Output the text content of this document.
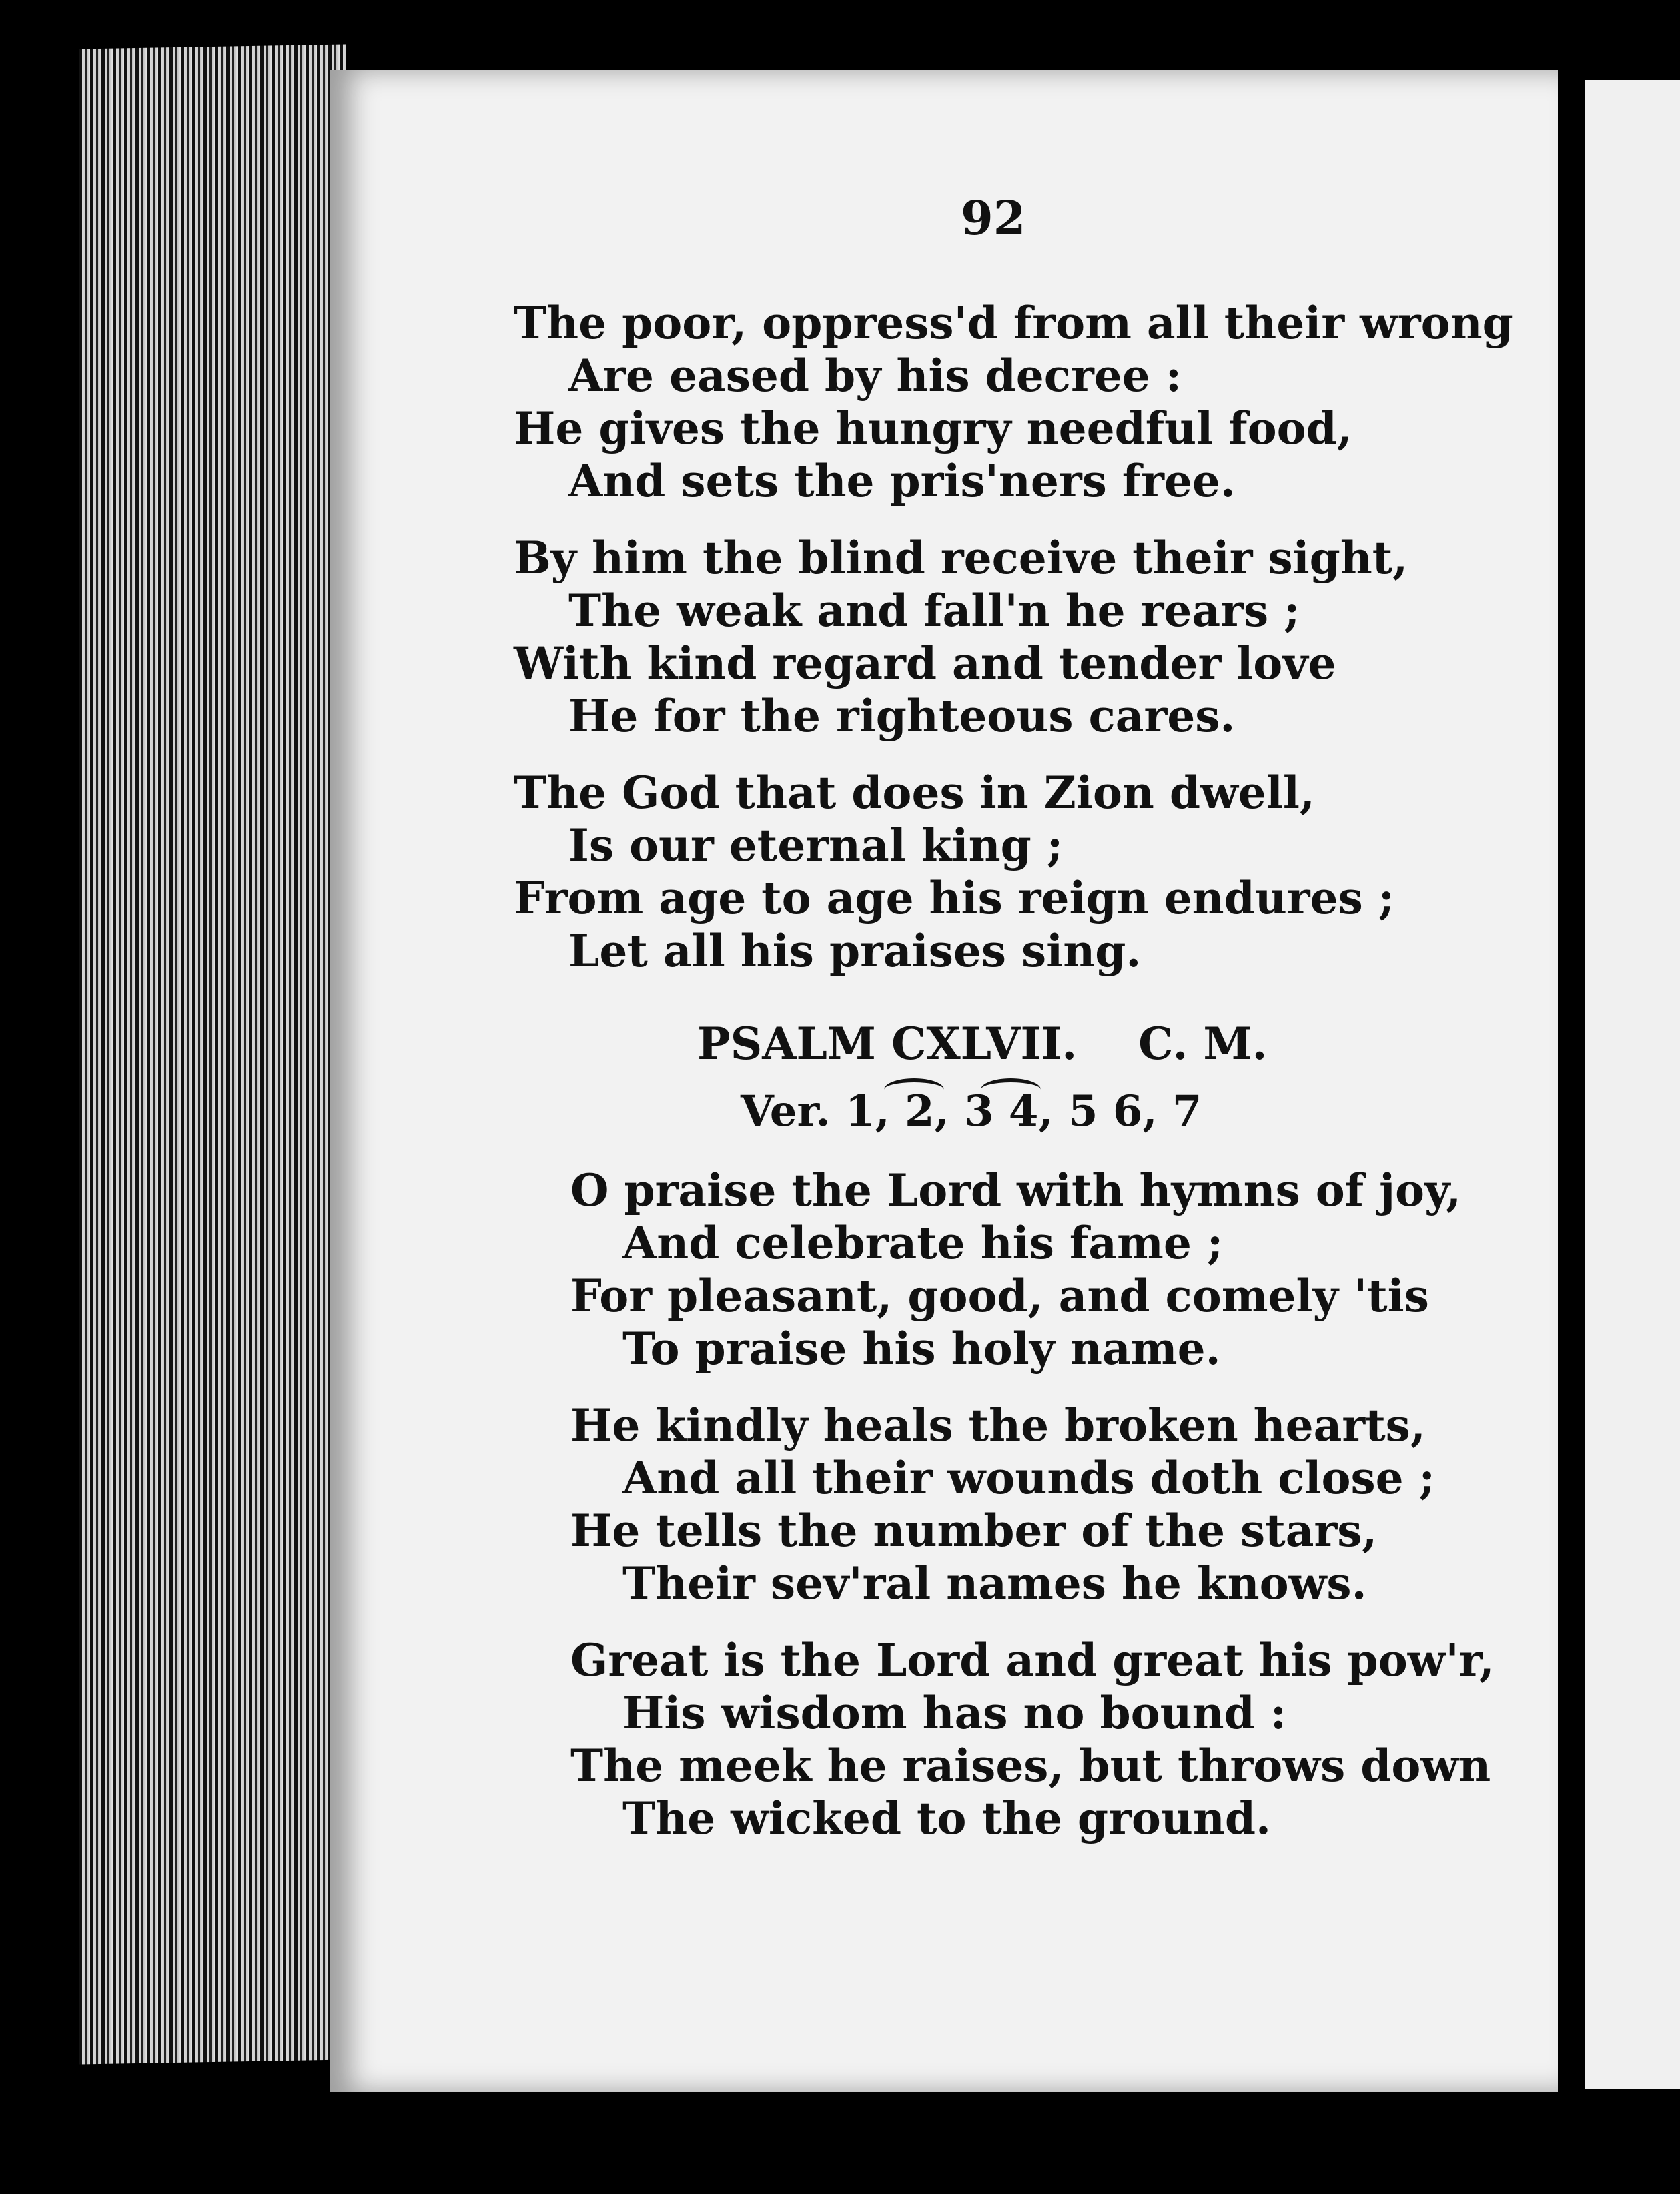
92
The poor, oppress'd from all their wrong
Are eased by his decree :
He gives the hungry needful food,
And sets the pris'ners free.
By him the blind receive their sight,
The weak and fall'n he rears ;
With kind regard and tender love
He for the righteous cares.
The God that does in Zion dwell,
Is our eternal king ;
From age to age his reign endures ;
Let all his praises sing.
PSALM CXLVII.    C. M.
Ver. 1, 2, 3 4, 5 6, 7
O praise the Lord with hymns of joy,
And celebrate his fame ;
For pleasant, good, and comely 'tis
To praise his holy name.
He kindly heals the broken hearts,
And all their wounds doth close ;
He tells the number of the stars,
Their sev'ral names he knows.
Great is the Lord and great his pow'r,
His wisdom has no bound :
The meek he raises, but throws down
The wicked to the ground.
